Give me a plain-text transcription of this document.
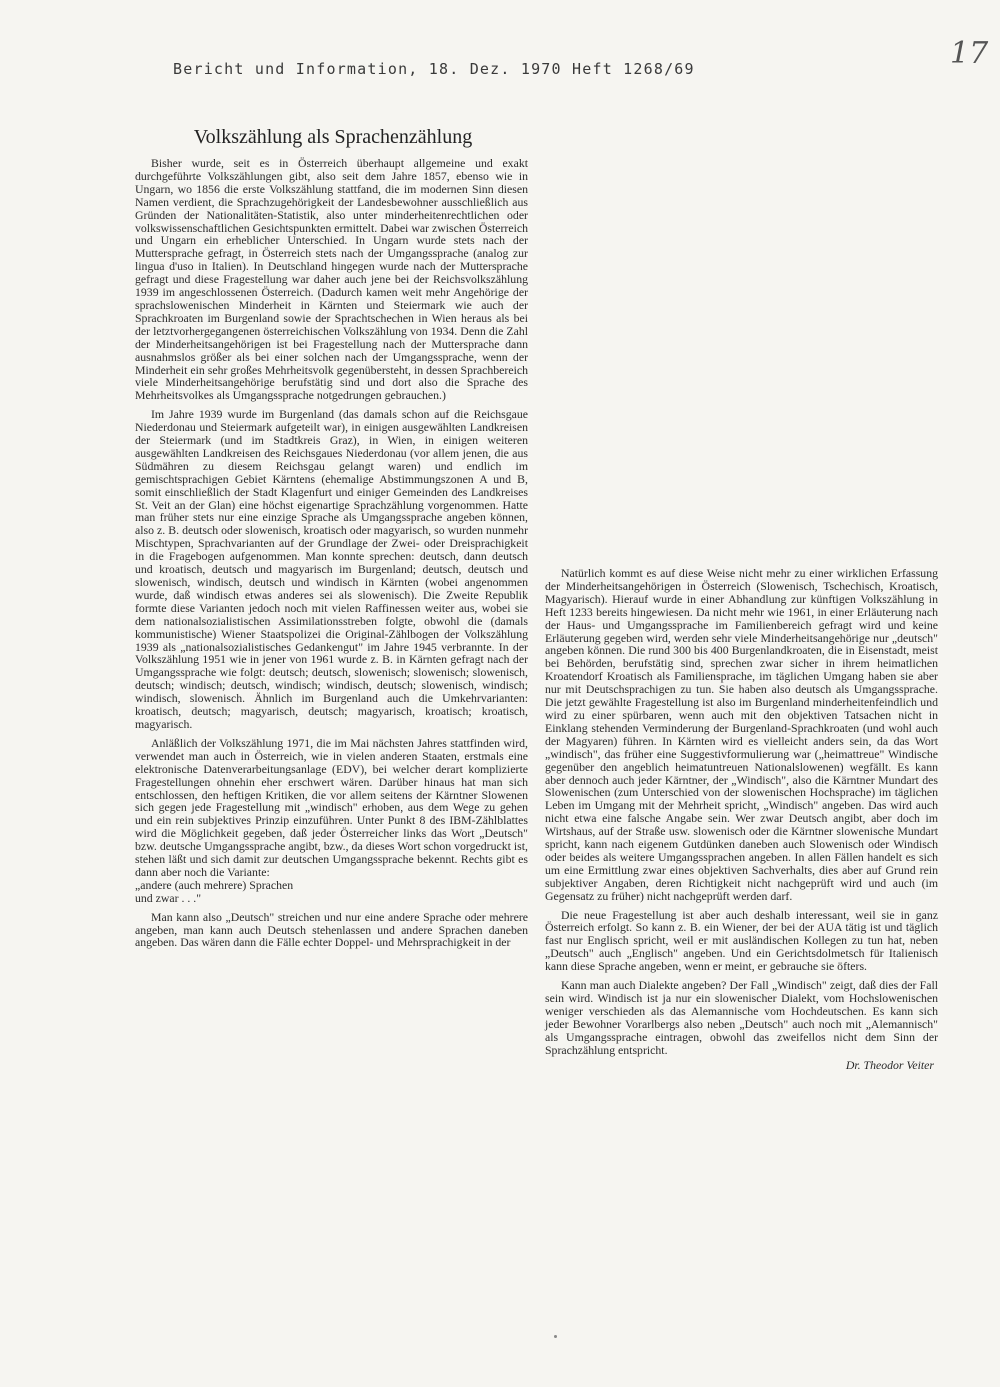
Bericht und Information, 18. Dez. 1970 Heft 1268/69	17
Volkszählung als Sprachenzählung

Bisher wurde, seit es in Österreich überhaupt allgemeine und exakt durchgeführte Volkszählungen gibt, also seit dem Jahre 1857, ebenso wie in Ungarn, wo 1856 die erste Volkszählung stattfand, die im modernen Sinn diesen Namen verdient, die Sprachzugehörigkeit der Landesbewohner ausschließlich aus Gründen der Nationalitäten-Statistik, also unter minderheitenrechtlichen oder volkswissenschaftlichen Gesichtspunkten ermittelt. Dabei war zwischen Österreich und Ungarn ein erheblicher Unterschied. In Ungarn wurde stets nach der Muttersprache gefragt, in Österreich stets nach der Umgangssprache (analog zur lingua d'uso in Italien). In Deutschland hingegen wurde nach der Muttersprache gefragt und diese Fragestellung war daher auch jene bei der Reichsvolkszählung 1939 im angeschlossenen Österreich. (Dadurch kamen weit mehr Angehörige der sprachslowenischen Minderheit in Kärnten und Steiermark wie auch der Sprachkroaten im Burgenland sowie der Sprachtschechen in Wien heraus als bei der letztvorhergegangenen österreichischen Volkszählung von 1934. Denn die Zahl der Minderheitsangehörigen ist bei Fragestellung nach der Muttersprache dann ausnahmslos größer als bei einer solchen nach der Umgangssprache, wenn der Minderheit ein sehr großes Mehrheitsvolk gegenübersteht, in dessen Sprachbereich viele Minderheitsangehörige berufstätig sind und dort also die Sprache des Mehrheitsvolkes als Umgangssprache notgedrungen gebrauchen.)

Im Jahre 1939 wurde im Burgenland (das damals schon auf die Reichsgaue Niederdonau und Steiermark aufgeteilt war), in einigen ausgewählten Landkreisen der Steiermark (und im Stadtkreis Graz), in Wien, in einigen weiteren ausgewählten Landkreisen des Reichsgaues Niederdonau (vor allem jenen, die aus Südmähren zu diesem Reichsgau gelangt waren) und endlich im gemischtsprachigen Gebiet Kärntens (ehemalige Abstimmungszonen A und B, somit einschließlich der Stadt Klagenfurt und einiger Gemeinden des Landkreises St. Veit an der Glan) eine höchst eigenartige Sprachzählung vorgenommen. Hatte man früher stets nur eine einzige Sprache als Umgangssprache angeben können, also z. B. deutsch oder slowenisch, kroatisch oder magyarisch, so wurden nunmehr Mischtypen, Sprachvarianten auf der Grundlage der Zwei- oder Dreisprachigkeit in die Fragebogen aufgenommen. Man konnte sprechen: deutsch, dann deutsch und kroatisch, deutsch und magyarisch im Burgenland; deutsch, deutsch und slowenisch, windisch, deutsch und windisch in Kärnten (wobei angenommen wurde, daß windisch etwas anderes sei als slowenisch). Die Zweite Republik formte diese Varianten jedoch noch mit vielen Raffinessen weiter aus, wobei sie dem nationalsozialistischen Assimilationsstreben folgte, obwohl die (damals kommunistische) Wiener Staatspolizei die Original-Zählbogen der Volkszählung 1939 als „nationalsozialistisches Gedankengut" im Jahre 1945 verbrannte. In der Volkszählung 1951 wie in jener von 1961 wurde z. B. in Kärnten gefragt nach der Umgangssprache wie folgt: deutsch; deutsch, slowenisch; slowenisch; slowenisch, deutsch; windisch; deutsch, windisch; windisch, deutsch; slowenisch, windisch; windisch, slowenisch. Ähnlich im Burgenland auch die Umkehrvarianten: kroatisch, deutsch; magyarisch, deutsch; magyarisch, kroatisch; kroatisch, magyarisch.

Anläßlich der Volkszählung 1971, die im Mai nächsten Jahres stattfinden wird, verwendet man auch in Österreich, wie in vielen anderen Staaten, erstmals eine elektronische Datenverarbeitungsanlage (EDV), bei welcher derart komplizierte Fragestellungen ohnehin eher erschwert wären. Darüber hinaus hat man sich entschlossen, den heftigen Kritiken, die vor allem seitens der Kärntner Slowenen sich gegen jede Fragestellung mit „windisch" erhoben, aus dem Wege zu gehen und ein rein subjektives Prinzip einzuführen. Unter Punkt 8 des IBM-Zählblattes wird die Möglichkeit gegeben, daß jeder Österreicher links das Wort „Deutsch" bzw. deutsche Umgangssprache angibt, bzw., da dieses Wort schon vorgedruckt ist, stehen läßt und sich damit zur deutschen Umgangssprache bekennt. Rechts gibt es dann aber noch die Variante:

„andere (auch mehrere) Sprachen

und zwar . . ."

Man kann also „Deutsch" streichen und nur eine andere Sprache oder mehrere angeben, man kann auch Deutsch stehenlassen und andere Sprachen daneben angeben. Das wären dann die Fälle echter Doppel- und Mehrsprachigkeit in der

Natürlich kommt es auf diese Weise nicht mehr zu einer wirklichen Erfassung der Minderheitsangehörigen in Österreich (Slowenisch, Tschechisch, Kroatisch, Magyarisch). Hierauf wurde in einer Abhandlung zur künftigen Volkszählung in Heft 1233 bereits hingewiesen. Da nicht mehr wie 1961, in einer Erläuterung nach der Haus- und Umgangssprache im Familienbereich gefragt wird und keine Erläuterung gegeben wird, werden sehr viele Minderheitsangehörige nur „deutsch" angeben können. Die rund 300 bis 400 Burgenlandkroaten, die in Eisenstadt, meist bei Behörden, berufstätig sind, sprechen zwar sicher in ihrem heimatlichen Kroatendorf Kroatisch als Familiensprache, im täglichen Umgang haben sie aber nur mit Deutschsprachigen zu tun. Sie haben also deutsch als Umgangssprache. Die jetzt gewählte Fragestellung ist also im Burgenland minderheitenfeindlich und wird zu einer spürbaren, wenn auch mit den objektiven Tatsachen nicht in Einklang stehenden Verminderung der Burgenland-Sprachkroaten (und wohl auch der Magyaren) führen. In Kärnten wird es vielleicht anders sein, da das Wort „windisch", das früher eine Suggestivformulierung war („heimattreue" Windische gegenüber den angeblich heimatuntreuen Nationalslowenen) wegfällt. Es kann aber dennoch auch jeder Kärntner, der „Windisch", also die Kärntner Mundart des Slowenischen (zum Unterschied von der slowenischen Hochsprache) im täglichen Leben im Umgang mit der Mehrheit spricht, „Windisch" angeben. Das wird auch nicht etwa eine falsche Angabe sein. Wer zwar Deutsch angibt, aber doch im Wirtshaus, auf der Straße usw. slowenisch oder die Kärntner slowenische Mundart spricht, kann nach eigenem Gutdünken daneben auch Slowenisch oder Windisch oder beides als weitere Umgangssprachen angeben. In allen Fällen handelt es sich um eine Ermittlung zwar eines objektiven Sachverhalts, dies aber auf Grund rein subjektiver Angaben, deren Richtigkeit nicht nachgeprüft wird und auch (im Gegensatz zu früher) nicht nachgeprüft werden darf.

Die neue Fragestellung ist aber auch deshalb interessant, weil sie in ganz Österreich erfolgt. So kann z. B. ein Wiener, der bei der AUA tätig ist und täglich fast nur Englisch spricht, weil er mit ausländischen Kollegen zu tun hat, neben „Deutsch" auch „Englisch" angeben. Und ein Gerichtsdolmetsch für Italienisch kann diese Sprache angeben, wenn er meint, er gebrauche sie öfters.

Kann man auch Dialekte angeben? Der Fall „Windisch" zeigt, daß dies der Fall sein wird. Windisch ist ja nur ein slowenischer Dialekt, vom Hochslowenischen weniger verschieden als das Alemannische vom Hochdeutschen. Es kann sich jeder Bewohner Vorarlbergs also neben „Deutsch" auch noch mit „Alemannisch" als Umgangssprache eintragen, obwohl das zweifellos nicht dem Sinn der Sprachzählung entspricht.

Dr. Theodor Veiter
